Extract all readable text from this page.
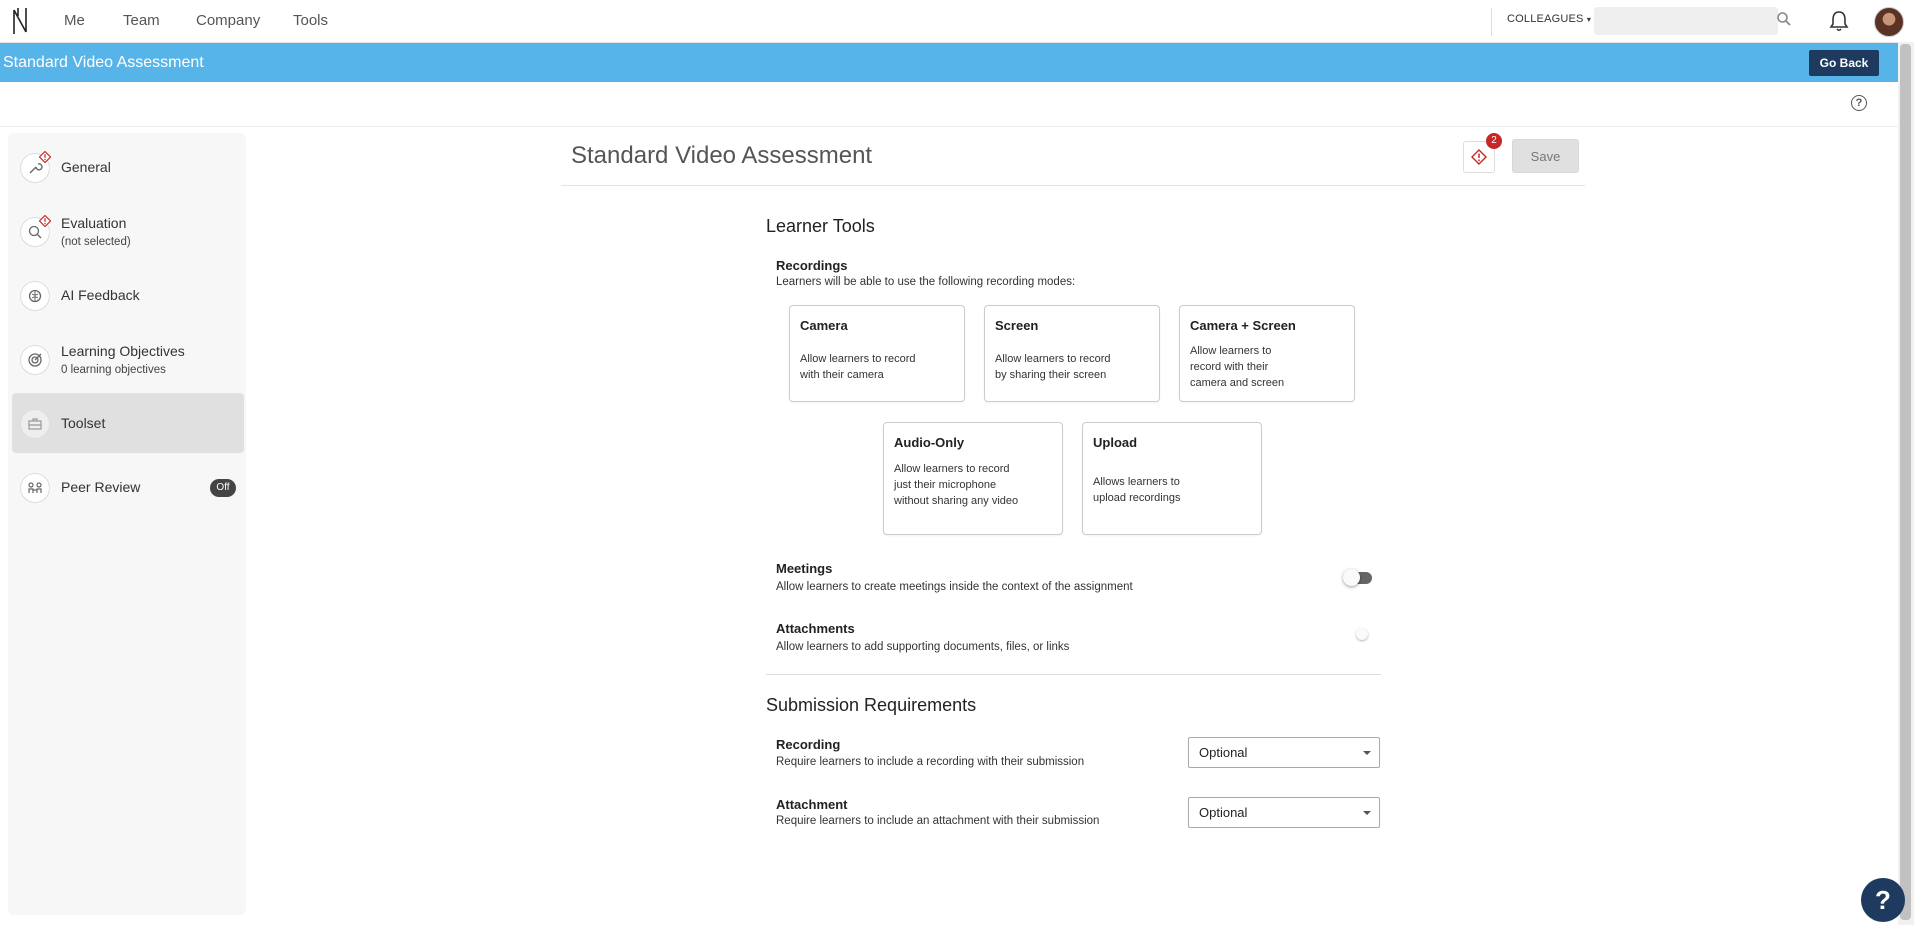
Me	Team Company Tools	COLLEAGUES ▾
Standard Video Assessment	Go Back
?
General
Evaluation
(not selected)
AI Feedback
Learning Objectives
0 learning objectives
Toolset
Peer Review	Off
Standard Video Assessment
2
Save
Learner Tools
Recordings
Learners will be able to use the following recording modes:
Camera
Allow learners to record with their camera
Screen
Allow learners to record by sharing their screen
Camera + Screen
Allow learners to record with their camera and screen
Audio-Only
Allow learners to record just their microphone without sharing any video
Upload
Allows learners to upload recordings
Meetings
Allow learners to create meetings inside the context of the assignment
Attachments
Allow learners to add supporting documents, files, or links
Submission Requirements
Recording
Require learners to include a recording with their submission
Optional
Attachment
Require learners to include an attachment with their submission
Optional
?
